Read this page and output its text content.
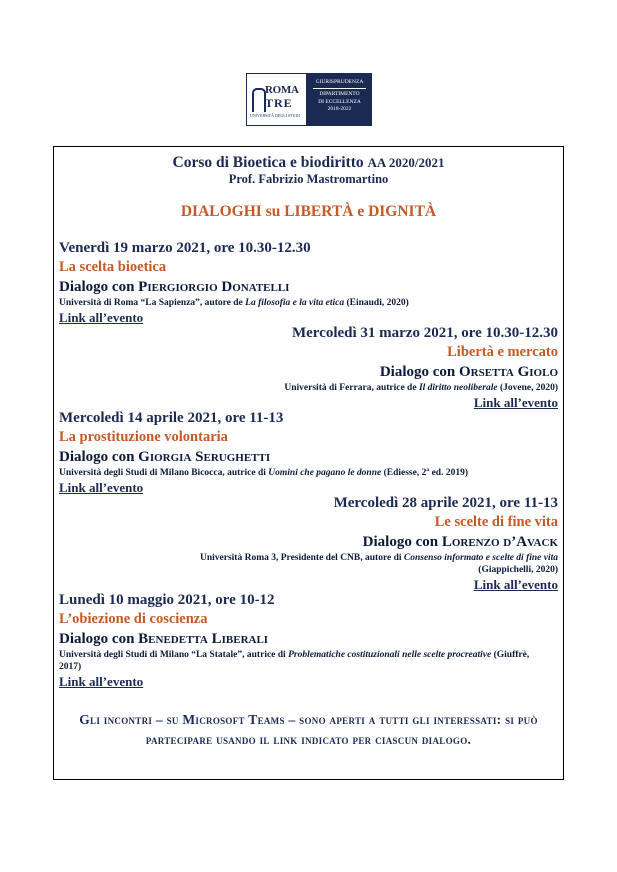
ROMA
TRE
UNIVERSITÀ DEGLI STUDI
GIURISPRUDENZA
DIPARTIMENTO
DI ECCELLENZA
2018-2022
Corso di Bioetica e biodiritto AA 2020/2021
Prof. Fabrizio Mastromartino
DIALOGHI su LIBERTÀ e DIGNITÀ
Venerdì 19 marzo 2021, ore 10.30-12.30
La scelta bioetica
Dialogo con Piergiorgio Donatelli
Università di Roma “La Sapienza”, autore de La filosofia e la vita etica (Einaudi, 2020)
Link all’evento
Mercoledì 31 marzo 2021, ore 10.30-12.30
Libertà e mercato
Dialogo con Orsetta Giolo
Università di Ferrara, autrice de Il diritto neoliberale (Jovene, 2020)
Link all’evento
Mercoledì 14 aprile 2021, ore 11-13
La prostituzione volontaria
Dialogo con Giorgia Serughetti
Università degli Studi di Milano Bicocca, autrice di Uomini che pagano le donne (Ediesse, 2ª ed. 2019)
Link all’evento
Mercoledì 28 aprile 2021, ore 11-13
Le scelte di fine vita
Dialogo con Lorenzo d’Avack
Università Roma 3, Presidente del CNB, autore di Consenso informato e scelte di fine vita
(Giappichelli, 2020)
Link all’evento
Lunedì 10 maggio 2021, ore 10-12
L’obiezione di coscienza
Dialogo con Benedetta Liberali
Università degli Studi di Milano “La Statale”, autrice di Problematiche costituzionali nelle scelte procreative (Giuffrè, 2017)
Link all’evento
Gli incontri – su Microsoft Teams – sono aperti a tutti gli interessati: si può partecipare usando il link indicato per ciascun dialogo.
